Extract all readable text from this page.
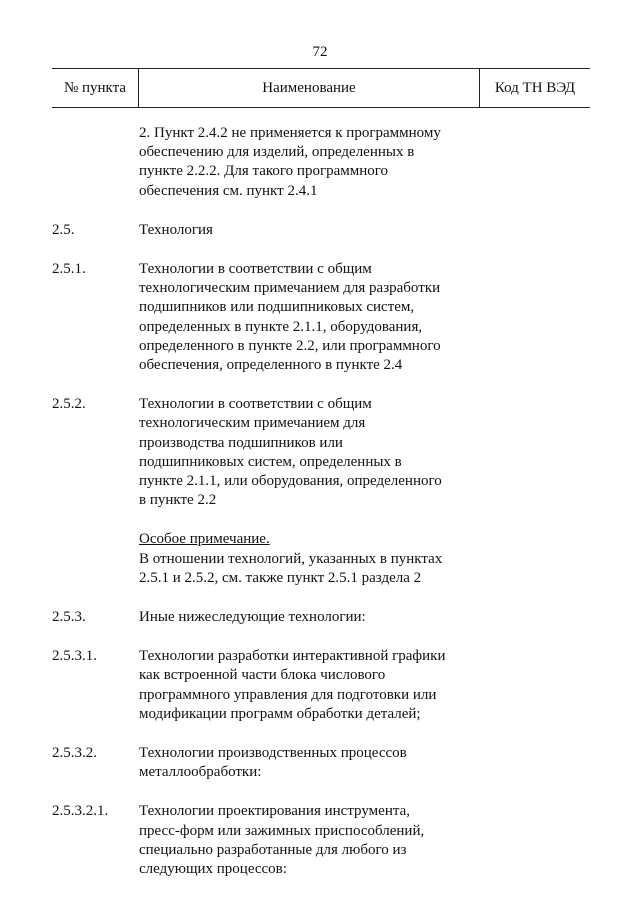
72
№ пункта	Наименование	Код ТН ВЭД
2. Пункт 2.4.2 не применяется к программному
обеспечению для изделий, определенных в
пункте 2.2.2. Для такого программного
обеспечения см. пункт 2.4.1
2.5.	Технология
2.5.1.	Технологии в соответствии с общим
технологическим примечанием для разработки
подшипников или подшипниковых систем,
определенных в пункте 2.1.1, оборудования,
определенного в пункте 2.2, или программного
обеспечения, определенного в пункте 2.4
2.5.2.	Технологии в соответствии с общим
технологическим примечанием для
производства подшипников или
подшипниковых систем, определенных в
пункте 2.1.1, или оборудования, определенного
в пункте 2.2
Особое примечание.
В отношении технологий, указанных в пунктах
2.5.1 и 2.5.2, см. также пункт 2.5.1 раздела 2
2.5.3.	Иные нижеследующие технологии:
2.5.3.1.	Технологии разработки интерактивной графики
как встроенной части блока числового
программного управления для подготовки или
модификации программ обработки деталей;
2.5.3.2.	Технологии производственных процессов
металлообработки:
2.5.3.2.1. Технологии проектирования инструмента,
пресс-форм или зажимных приспособлений,
специально разработанные для любого из
следующих процессов:
